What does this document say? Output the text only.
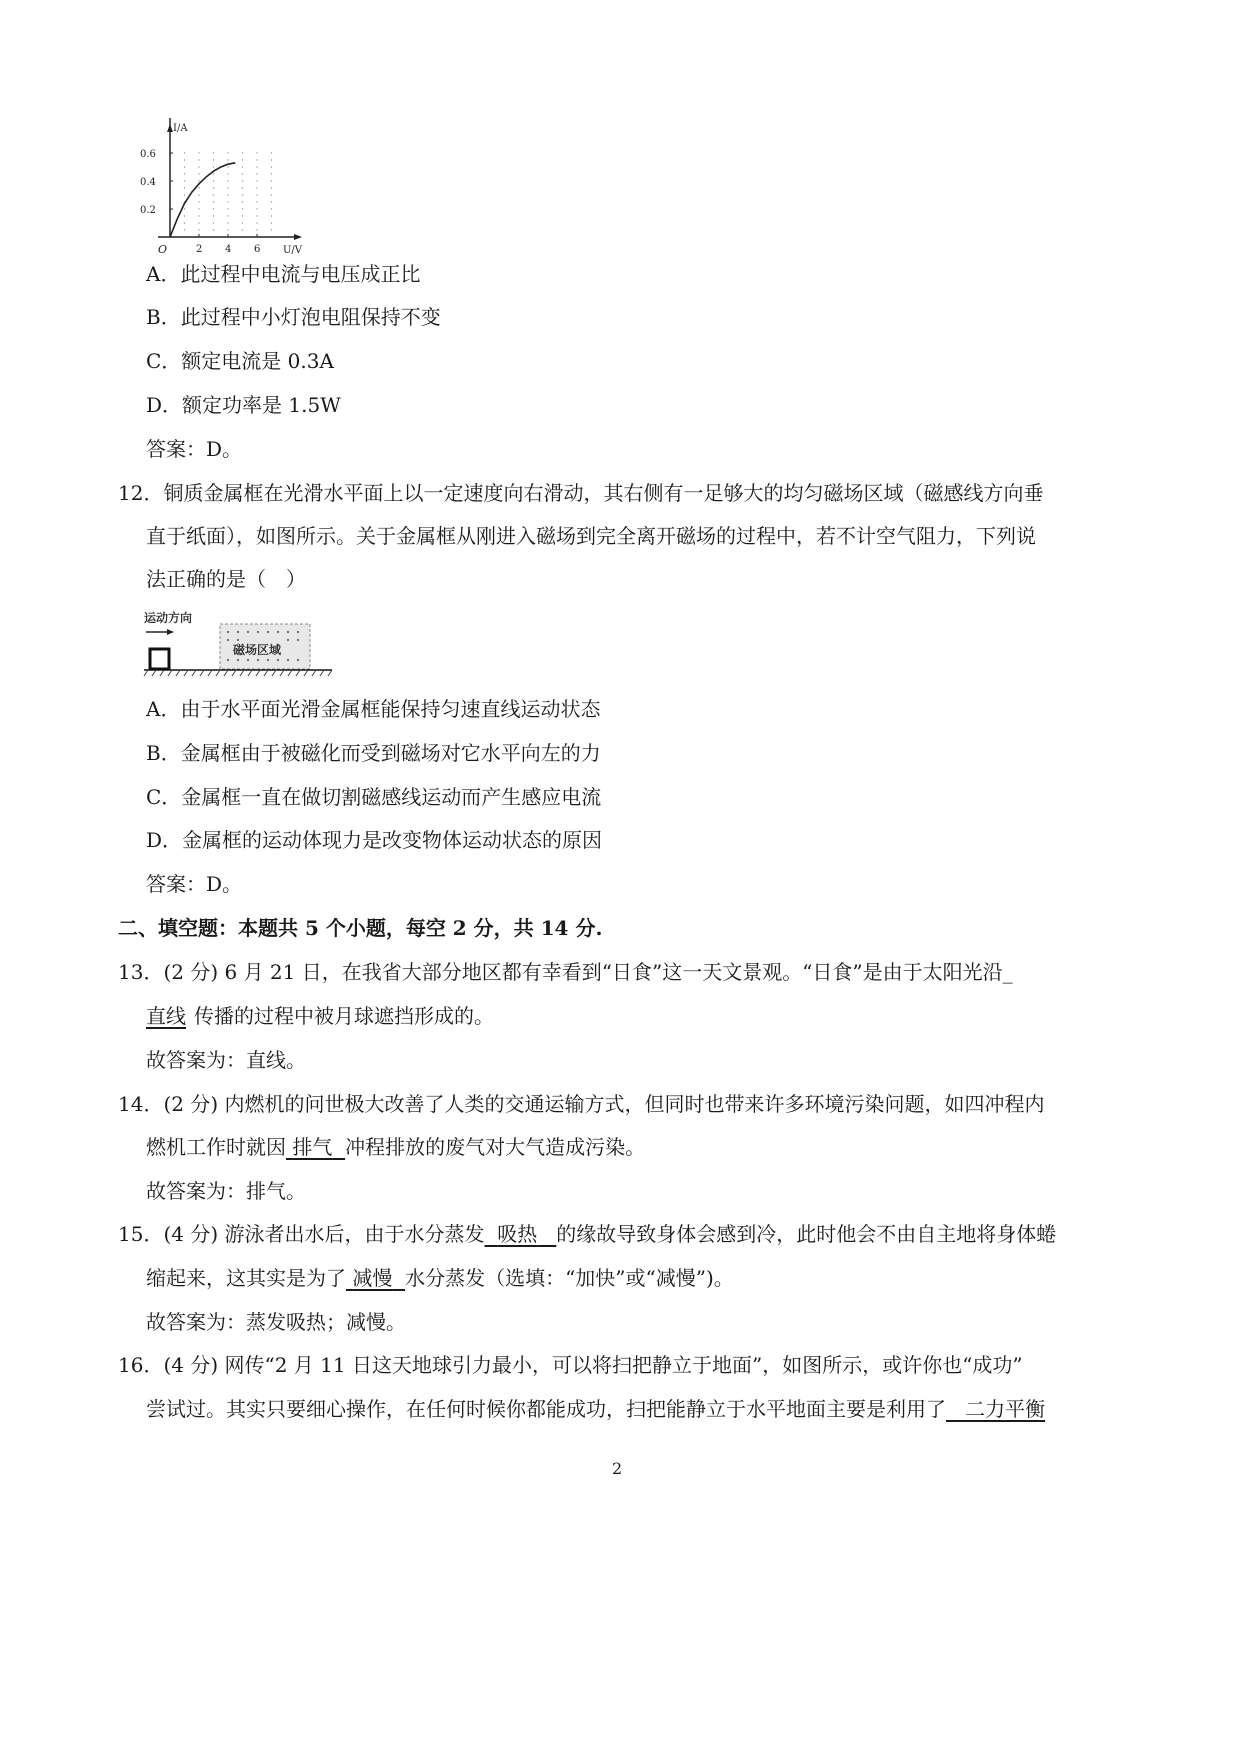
I/A
U/V
O	2 4 6
0.2
0.4
0.6
A．此过程中电流与电压成正比
B．此过程中小灯泡电阻保持不变
C．额定电流是 0.3A
D．额定功率是 1.5W
答案：D。
12．铜质金属框在光滑水平面上以一定速度向右滑动，其右侧有一足够大的均匀磁场区域（磁感线方向垂
直于纸面），如图所示。关于金属框从刚进入磁场到完全离开磁场的过程中，若不计空气阻力，下列说
法正确的是（　）
运动方向
磁场区域
A．由于水平面光滑金属框能保持匀速直线运动状态
B．金属框由于被磁化而受到磁场对它水平向左的力
C．金属框一直在做切割磁感线运动而产生感应电流
D．金属框的运动体现力是改变物体运动状态的原因
答案：D。
二、填空题：本题共 5 个小题，每空 2 分，共 14 分.
13．(2 分) 6 月 21 日，在我省大部分地区都有幸看到“日食”这一天文景观。“日食”是由于太阳光沿_
直线 传播的过程中被月球遮挡形成的。
故答案为：直线。
14．(2 分) 内燃机的问世极大改善了人类的交通运输方式，但同时也带来许多环境污染问题，如四冲程内
燃机工作时就因 排气 冲程排放的废气对大气造成污染。
故答案为：排气。
15．(4 分) 游泳者出水后，由于水分蒸发 吸热 的缘故导致身体会感到冷，此时他会不由自主地将身体蜷
缩起来，这其实是为了 减慢 水分蒸发（选填：“加快”或“减慢”)。
故答案为：蒸发吸热；减慢。
16．(4 分) 网传“2 月 11 日这天地球引力最小，可以将扫把静立于地面”，如图所示，或许你也“成功”
尝试过。其实只要细心操作，在任何时候你都能成功，扫把能静立于水平地面主要是利用了 二力平衡
2
